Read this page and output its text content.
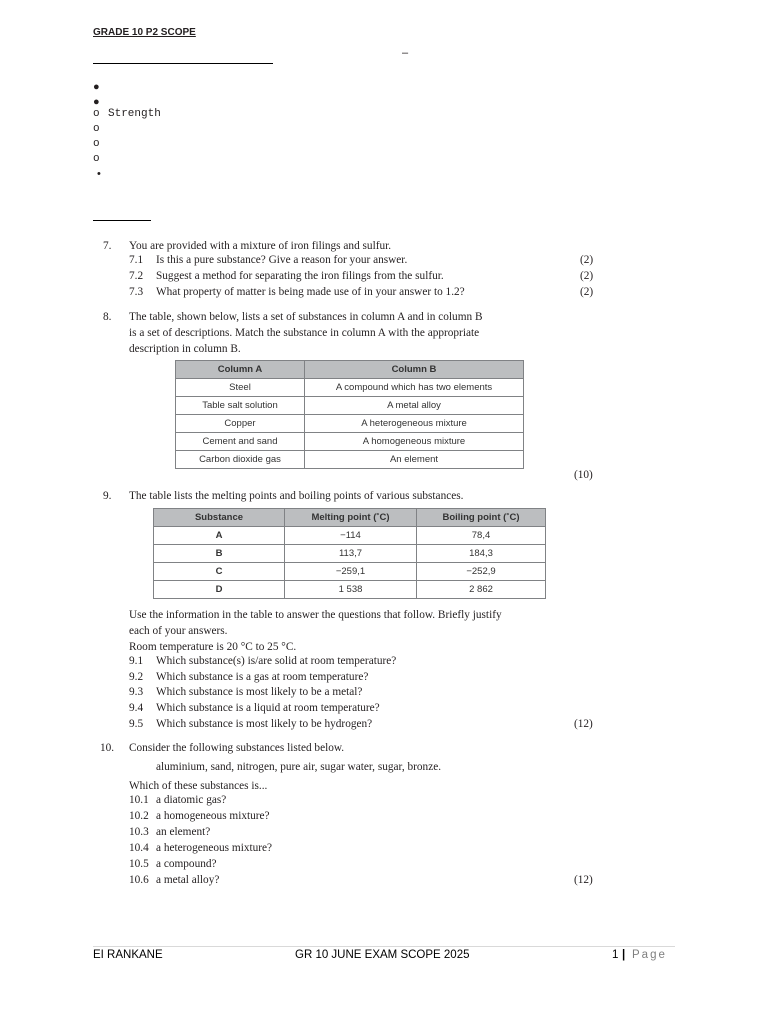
GRADE 10 P2 SCOPE
–
●
●
o Strength
o
o
o
•
7. You are provided with a mixture of iron filings and sulfur.
7.1 Is this a pure substance? Give a reason for your answer.	(2)
7.2 Suggest a method for separating the iron filings from the sulfur.	(2)
7.3 What property of matter is being made use of in your answer to 1.2?	(2)
8. The table, shown below, lists a set of substances in column A and in column B
is a set of descriptions. Match the substance in column A with the appropriate
description in column B.
Column A	Column B
Steel	A compound which has two elements
Table salt solution	A metal alloy
Copper	A heterogeneous mixture
Cement and sand	A homogeneous mixture
Carbon dioxide gas	An element
(10)
9. The table lists the melting points and boiling points of various substances.
Substance	Melting point (˚C)	Boiling point (˚C)
A	−114	78,4
B	113,7	184,3
C	−259,1	−252,9
D	1 538	2 862
Use the information in the table to answer the questions that follow. Briefly justify
each of your answers.
Room temperature is 20 °C to 25 °C.
9.1 Which substance(s) is/are solid at room temperature?
9.2 Which substance is a gas at room temperature?
9.3 Which substance is most likely to be a metal?
9.4 Which substance is a liquid at room temperature?
9.5 Which substance is most likely to be hydrogen?	(12)
10. Consider the following substances listed below.
aluminium, sand, nitrogen, pure air, sugar water, sugar, bronze.
Which of these substances is...
10.1 a diatomic gas?
10.2 a homogeneous mixture?
10.3 an element?
10.4 a heterogeneous mixture?
10.5 a compound?
10.6 a metal alloy?	(12)
EI RANKANE	GR 10 JUNE EXAM SCOPE 2025	1 | Page
